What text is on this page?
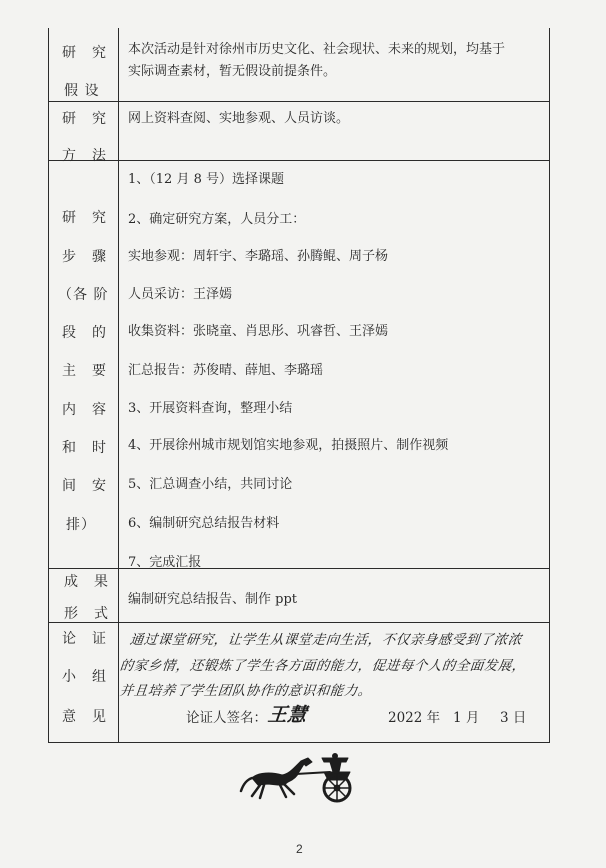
研　究
假 设
本次活动是针对徐州市历史文化、社会现状、未来的规划，均基于
实际调查素材，暂无假设前提条件。
研　究
方　法
网上资料查阅、实地参观、人员访谈。
研　究
步　骤
（各 阶
段　的
主　要
内　容
和　时
间　安
排）
1、（12 月 8 号）选择课题
2、确定研究方案，人员分工：
实地参观：周轩宇、李璐瑶、孙腾鲲、周子杨
人员采访：王泽嫣
收集资料：张晓童、肖思彤、巩睿哲、王泽嫣
汇总报告：苏俊晴、薛旭、李璐瑶
3、开展资料查询，整理小结
4、开展徐州城市规划馆实地参观，拍摄照片、制作视频
5、汇总调查小结，共同讨论
6、编制研究总结报告材料
7、完成汇报
成　果
形　式
编制研究总结报告、制作 ppt
论　证
小　组
意　见
通过课堂研究，让学生从课堂走向生活，不仅亲身感受到了浓浓
的家乡情，还锻炼了学生各方面的能力，促进每个人的全面发展，
并且培养了学生团队协作的意识和能力。
论证人签名： 王慧	2022 年 1 月 3 日
2
